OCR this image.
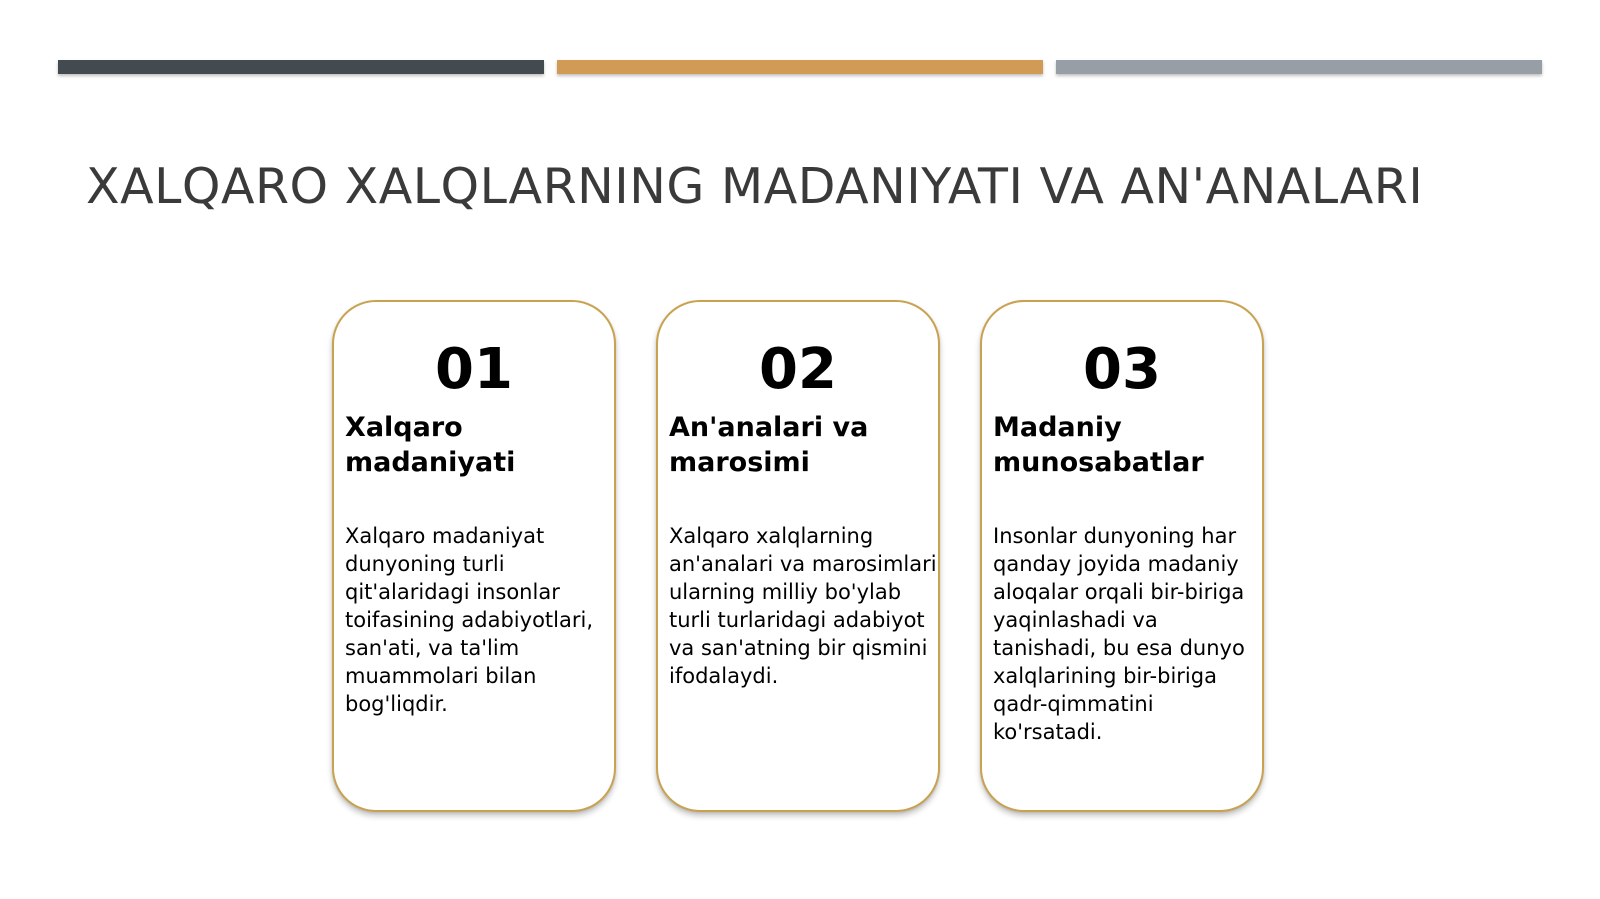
XALQARO XALQLARNING MADANIYATI VA AN'ANALARI
01
Xalqaro madaniyati

Xalqaro madaniyat dunyoning turli qit'alaridagi insonlar toifasining adabiyotlari, san'ati, va ta'lim muammolari bilan bog'liqdir.

02
An'analari va marosimi

Xalqaro xalqlarning an'analari va marosimlari ularning milliy bo'ylab turli turlaridagi adabiyot va san'atning bir qismini ifodalaydi.

03
Madaniy munosabatlar

Insonlar dunyoning har qanday joyida madaniy aloqalar orqali bir-biriga yaqinlashadi va tanishadi, bu esa dunyo xalqlarining bir-biriga qadr-qimmatini ko'rsatadi.
